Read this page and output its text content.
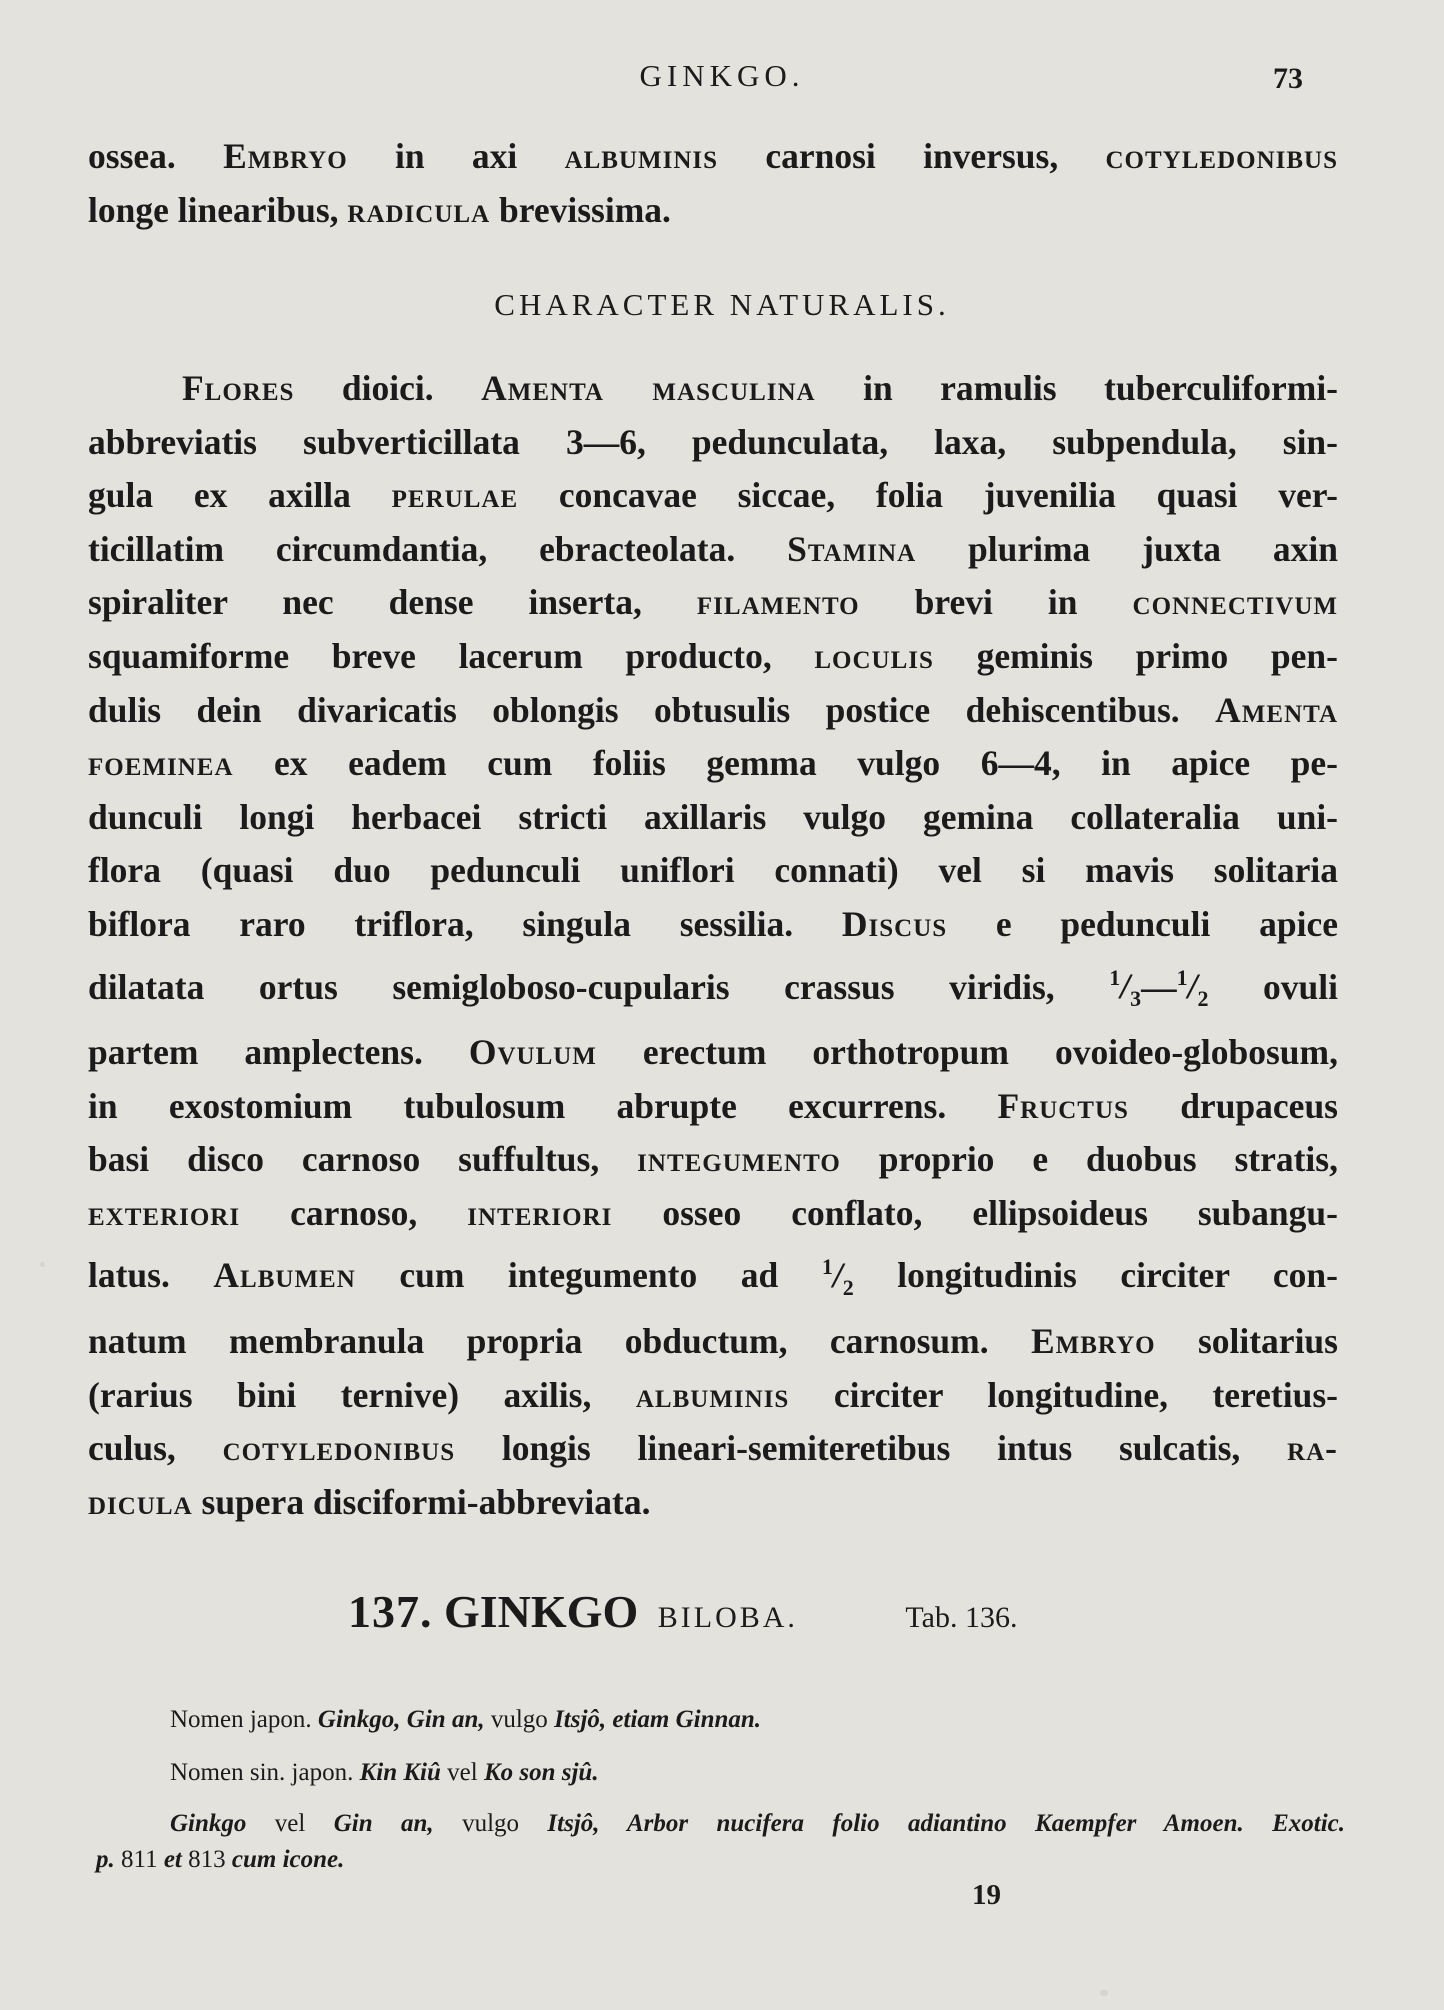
GINKGO.	73
ossea. Embryo in axi albuminis carnosi inversus, cotyledonibus
longe linearibus, radicula brevissima.
CHARACTER NATURALIS.
Flores dioici. Amenta masculina in ramulis tuberculiformi-
abbreviatis subverticillata 3—6, pedunculata, laxa, subpendula, sin-
gula ex axilla perulae concavae siccae, folia juvenilia quasi ver-
ticillatim circumdantia, ebracteolata. Stamina plurima juxta axin
spiraliter nec dense inserta, filamento brevi in connectivum
squamiforme breve lacerum producto, loculis geminis primo pen-
dulis dein divaricatis oblongis obtusulis postice dehiscentibus. Amenta
foeminea ex eadem cum foliis gemma vulgo 6—4, in apice pe-
dunculi longi herbacei stricti axillaris vulgo gemina collateralia uni-
flora (quasi duo pedunculi uniflori connati) vel si mavis solitaria
biflora raro triflora, singula sessilia. Discus e pedunculi apice
dilatata ortus semigloboso-cupularis crassus viridis, $^1/_3—^1/_2$ ovuli
partem amplectens. Ovulum erectum orthotropum ovoideo-globosum,
in exostomium tubulosum abrupte excurrens. Fructus drupaceus
basi disco carnoso suffultus, integumento proprio e duobus stratis,
exteriori carnoso, interiori osseo conflato, ellipsoideus subangu-
latus. Albumen cum integumento ad $^1/_2$ longitudinis circiter con-
natum membranula propria obductum, carnosum. Embryo solitarius
(rarius bini ternive) axilis, albuminis circiter longitudine, teretius-
culus, cotyledonibus longis lineari-semiteretibus intus sulcatis, ra-
dicula supera disciformi-abbreviata.
137. GINKGO BILOBA.	Tab. 136.
Nomen japon. Ginkgo, Gin an, vulgo Itsjô, etiam Ginnan.
Nomen sin. japon. Kin Kiû vel Ko son sjû.
Ginkgo vel Gin an, vulgo Itsjô, Arbor nucifera folio adiantino Kaempfer Amoen. Exotic.
p. 811 et 813 cum icone.
19
